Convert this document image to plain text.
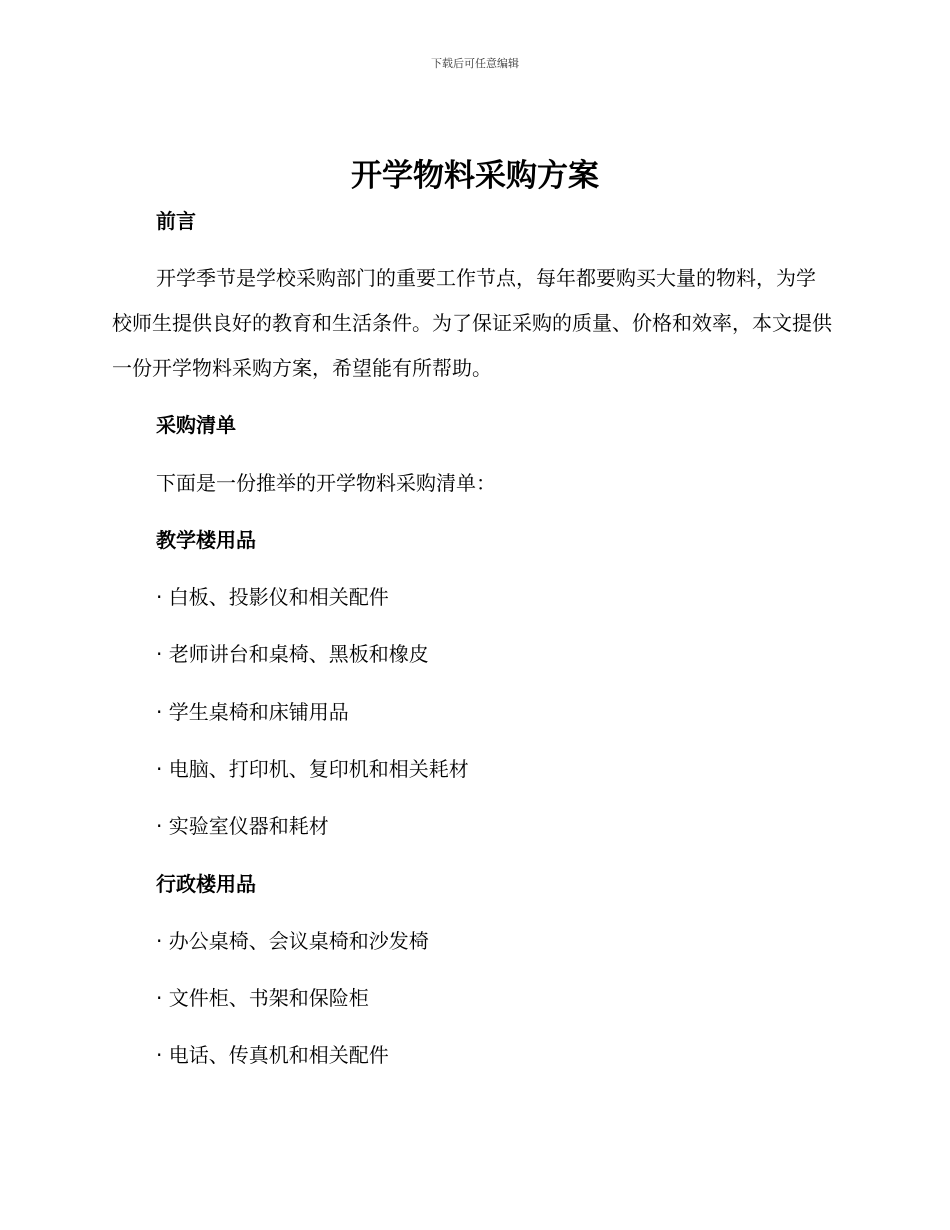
下载后可任意编辑
开学物料采购方案

前言

开学季节是学校采购部门的重要工作节点，每年都要购买大量的物料，为学校师生提供良好的教育和生活条件。为了保证采购的质量、价格和效率，本文提供一份开学物料采购方案，希望能有所帮助。

采购清单

下面是一份推举的开学物料采购清单：

教学楼用品

· 白板、投影仪和相关配件

· 老师讲台和桌椅、黑板和橡皮

· 学生桌椅和床铺用品

· 电脑、打印机、复印机和相关耗材

· 实验室仪器和耗材

行政楼用品

· 办公桌椅、会议桌椅和沙发椅

· 文件柜、书架和保险柜

· 电话、传真机和相关配件
